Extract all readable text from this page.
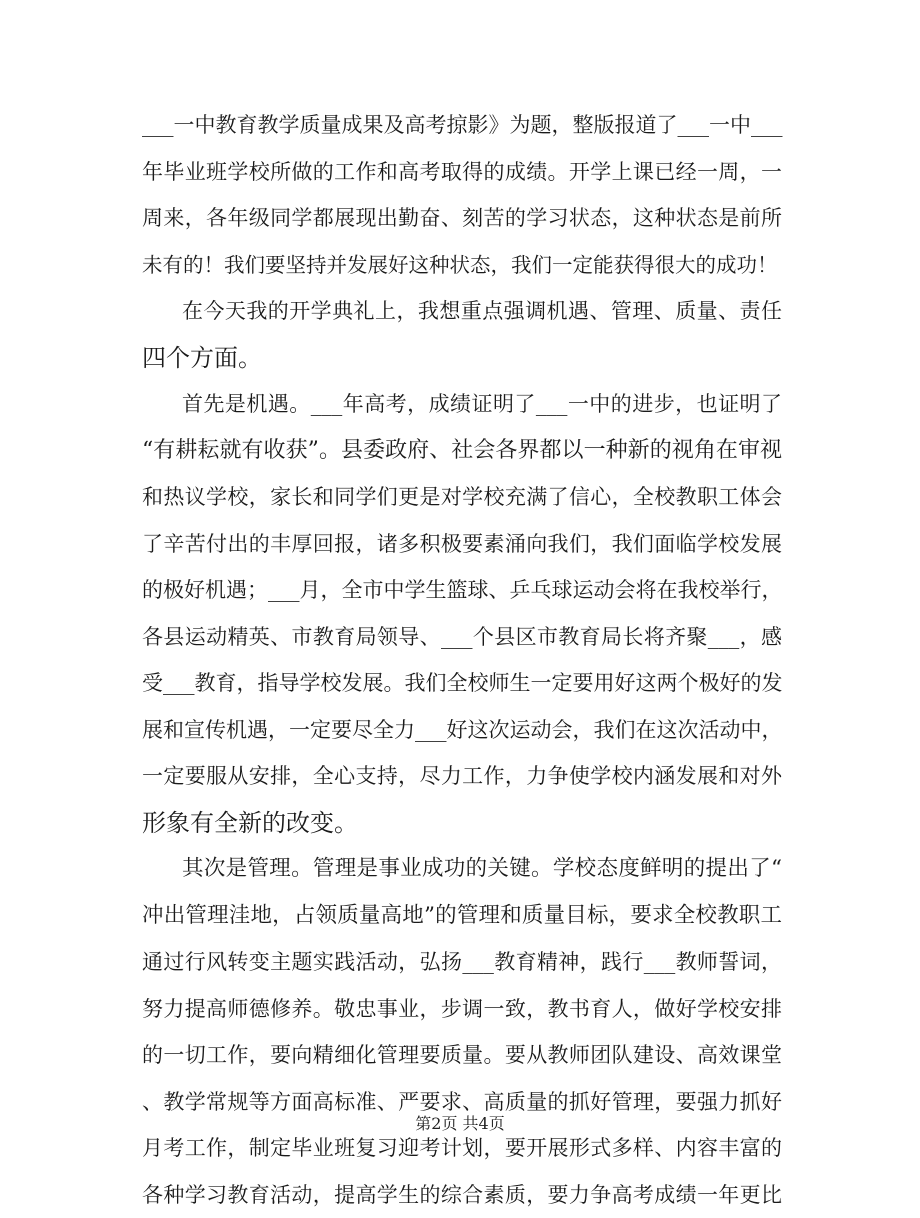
___一中教育教学质量成果及高考掠影》为题，整版报道了___一中___
年毕业班学校所做的工作和高考取得的成绩。开学上课已经一周，一
周来，各年级同学都展现出勤奋、刻苦的学习状态，这种状态是前所
未有的！我们要坚持并发展好这种状态，我们一定能获得很大的成功！
在今天我的开学典礼上，我想重点强调机遇、管理、质量、责任
四个方面。
首先是机遇。___年高考，成绩证明了___一中的进步，也证明了
“有耕耘就有收获”。县委政府、社会各界都以一种新的视角在审视
和热议学校，家长和同学们更是对学校充满了信心，全校教职工体会
了辛苦付出的丰厚回报，诸多积极要素涌向我们，我们面临学校发展
的极好机遇；___月，全市中学生篮球、乒乓球运动会将在我校举行，
各县运动精英、市教育局领导、___个县区市教育局长将齐聚___，感
受___教育，指导学校发展。我们全校师生一定要用好这两个极好的发
展和宣传机遇，一定要尽全力___好这次运动会，我们在这次活动中，
一定要服从安排，全心支持，尽力工作，力争使学校内涵发展和对外
形象有全新的改变。
其次是管理。管理是事业成功的关键。学校态度鲜明的提出了“
冲出管理洼地，占领质量高地”的管理和质量目标，要求全校教职工
通过行风转变主题实践活动，弘扬___教育精神，践行___教师誓词，
努力提高师德修养。敬忠事业，步调一致，教书育人，做好学校安排
的一切工作，要向精细化管理要质量。要从教师团队建设、高效课堂
、教学常规等方面高标准、严要求、高质量的抓好管理，要强力抓好
月考工作，制定毕业班复习迎考计划，要开展形式多样、内容丰富的
各种学习教育活动，提高学生的综合素质，要力争高考成绩一年更比
第2页 共4页
